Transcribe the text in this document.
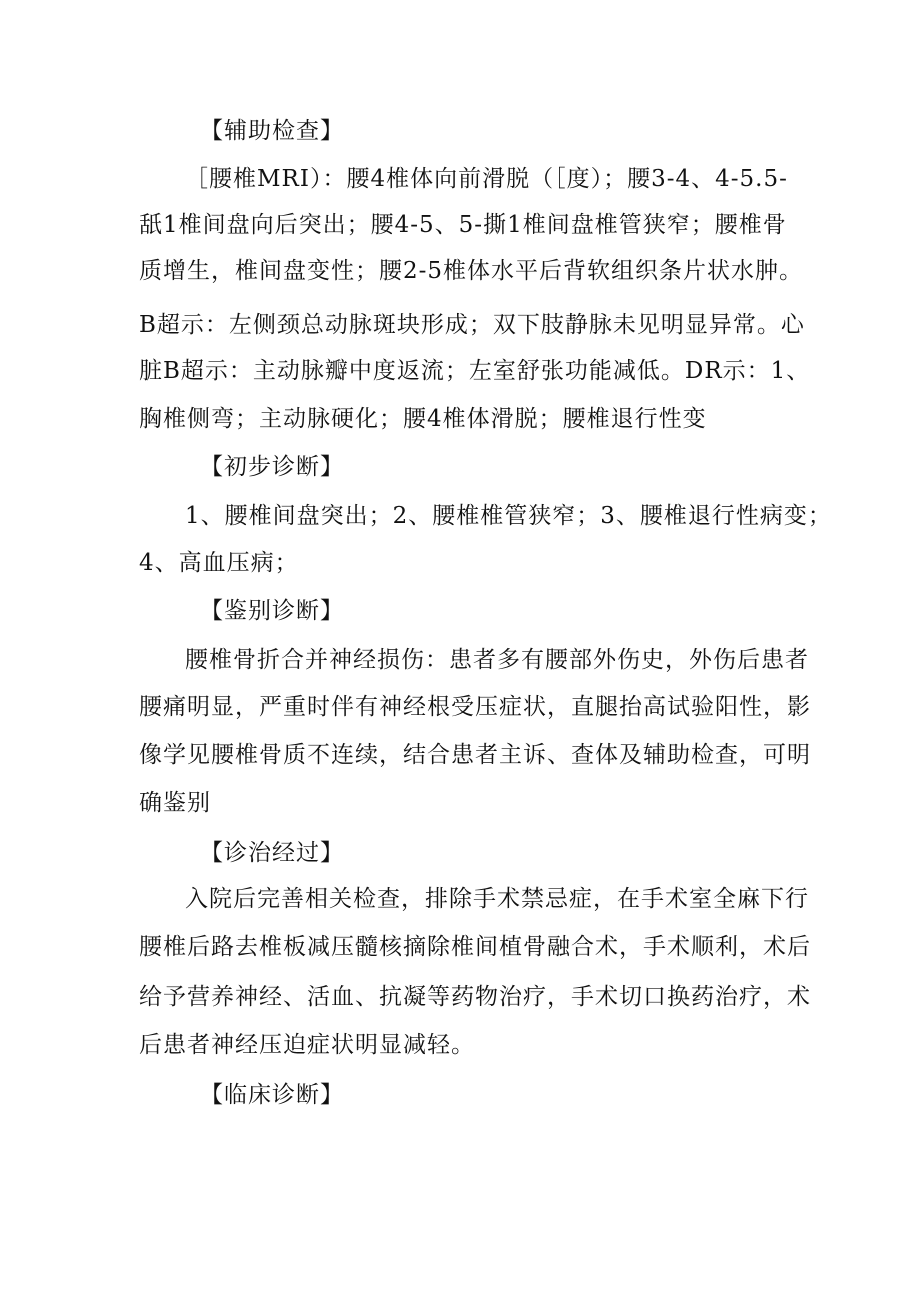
【辅助检查】
［腰椎MRI）：腰4椎体向前滑脱（［度）；腰3-4、4-5.5-
舐1椎间盘向后突出；腰4-5、5-撕1椎间盘椎管狭窄；腰椎骨
质增生，椎间盘变性；腰2-5椎体水平后背软组织条片状水肿。
B超示：左侧颈总动脉斑块形成；双下肢静脉未见明显异常。心
脏B超示：主动脉瓣中度返流；左室舒张功能减低。DR示：1、
胸椎侧弯；主动脉硬化；腰4椎体滑脱；腰椎退行性变
【初步诊断】
1、腰椎间盘突出；2、腰椎椎管狭窄；3、腰椎退行性病变；
4、高血压病；
【鉴别诊断】
腰椎骨折合并神经损伤：患者多有腰部外伤史，外伤后患者
腰痛明显，严重时伴有神经根受压症状，直腿抬高试验阳性，影
像学见腰椎骨质不连续，结合患者主诉、查体及辅助检查，可明
确鉴别
【诊治经过】
入院后完善相关检查，排除手术禁忌症，在手术室全麻下行
腰椎后路去椎板减压髓核摘除椎间植骨融合术，手术顺利，术后
给予营养神经、活血、抗凝等药物治疗，手术切口换药治疗，术
后患者神经压迫症状明显减轻。
【临床诊断】
